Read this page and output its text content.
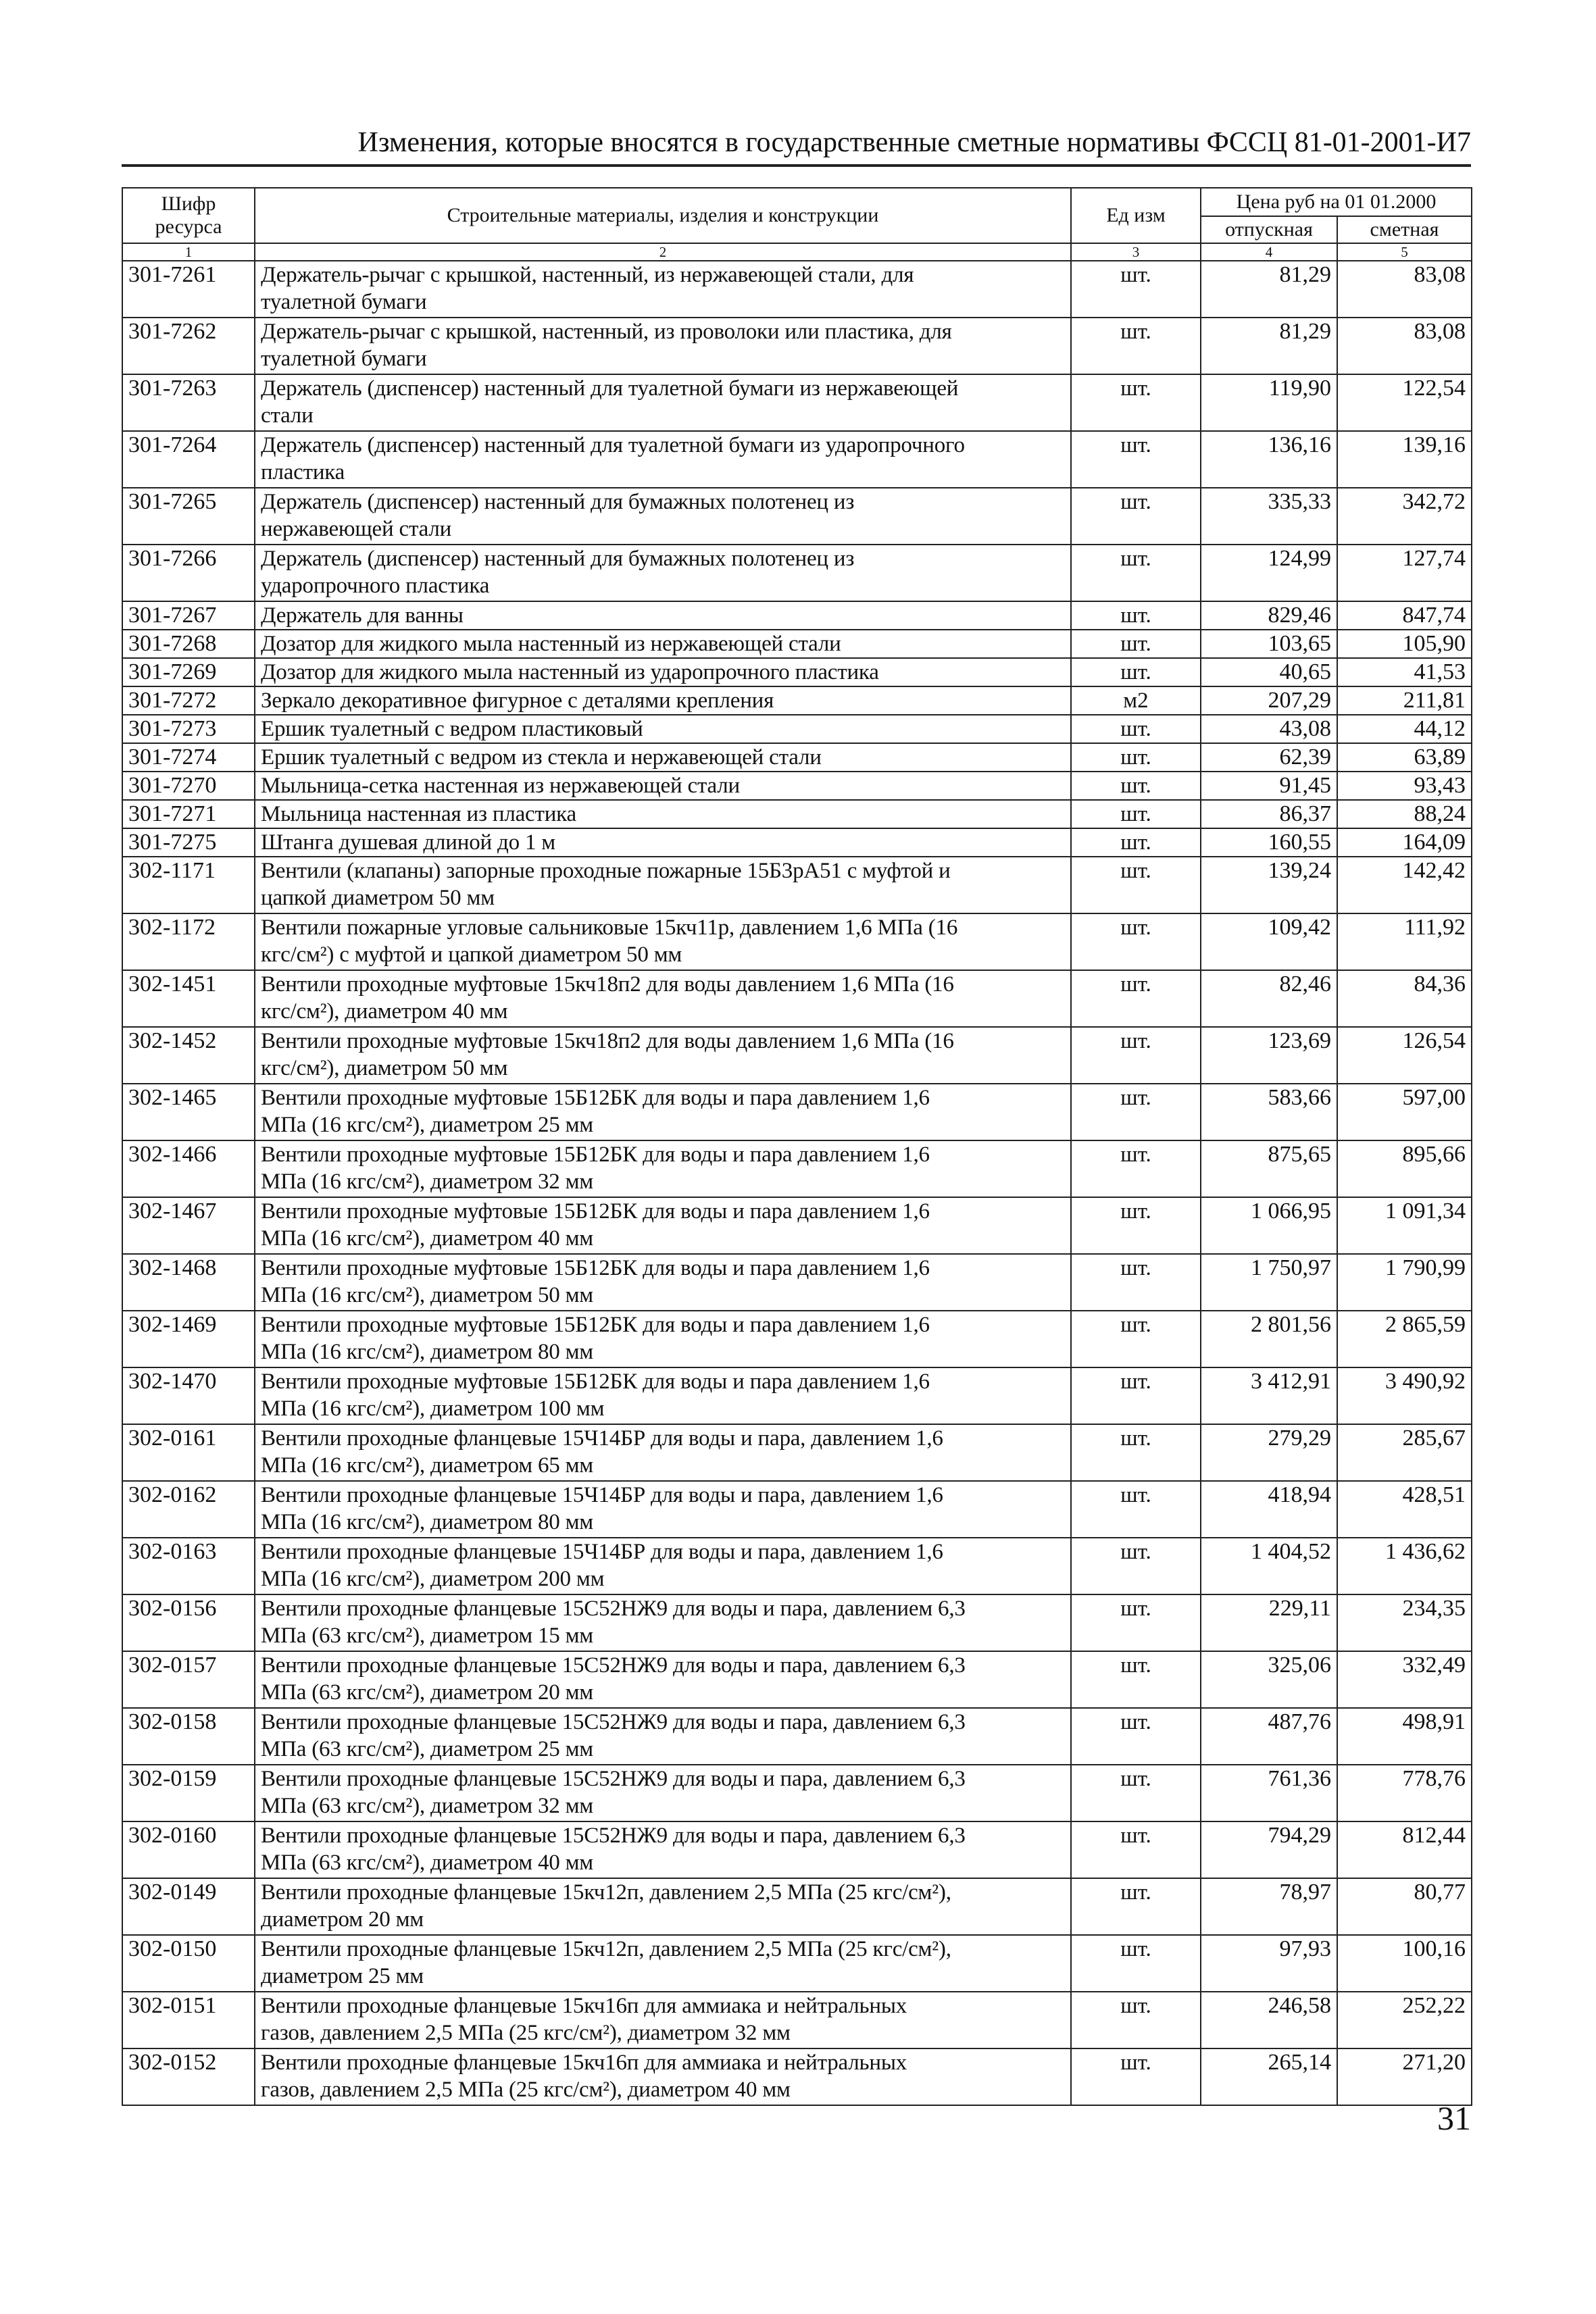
Изменения, которые вносятся в государственные сметные нормативы ФССЦ 81-01-2001-И7
Шифр ресурса	Строительные материалы, изделия и конструкции	Ед изм	Цена руб на 01 01.2000	
			отпускная	сметная
1	2	3	4	5
301-7261	Держатель-рычаг с крышкой, настенный, из нержавеющей стали, для
туалетной бумаги	шт.	81,29	83,08
301-7262	Держатель-рычаг с крышкой, настенный, из проволоки или пластика, для
туалетной бумаги	шт.	81,29	83,08
301-7263	Держатель (диспенсер) настенный для туалетной бумаги из нержавеющей
стали	шт.	119,90	122,54
301-7264	Держатель (диспенсер) настенный для туалетной бумаги из ударопрочного
пластика	шт.	136,16	139,16
301-7265	Держатель (диспенсер) настенный для бумажных полотенец из
нержавеющей стали	шт.	335,33	342,72
301-7266	Держатель (диспенсер) настенный для бумажных полотенец из
ударопрочного пластика	шт.	124,99	127,74
301-7267	Держатель для ванны	шт.	829,46	847,74
301-7268	Дозатор для жидкого мыла настенный из нержавеющей стали	шт.	103,65	105,90
301-7269	Дозатор для жидкого мыла настенный из ударопрочного пластика	шт.	40,65	41,53
301-7272	Зеркало декоративное фигурное с деталями крепления	м2	207,29	211,81
301-7273	Ершик туалетный с ведром пластиковый	шт.	43,08	44,12
301-7274	Ершик туалетный с ведром из стекла и нержавеющей стали	шт.	62,39	63,89
301-7270	Мыльница-сетка настенная из нержавеющей стали	шт.	91,45	93,43
301-7271	Мыльница настенная из пластика	шт.	86,37	88,24
301-7275	Штанга душевая длиной до 1 м	шт.	160,55	164,09
302-1171	Вентили (клапаны) запорные проходные пожарные 15Б3рА51 с муфтой и
цапкой диаметром 50 мм	шт.	139,24	142,42
302-1172	Вентили пожарные угловые сальниковые 15кч11р, давлением 1,6 МПа (16
кгс/см²) с муфтой и цапкой диаметром 50 мм	шт.	109,42	111,92
302-1451	Вентили проходные муфтовые 15кч18п2 для воды давлением 1,6 МПа (16
кгс/см²), диаметром 40 мм	шт.	82,46	84,36
302-1452	Вентили проходные муфтовые 15кч18п2 для воды давлением 1,6 МПа (16
кгс/см²), диаметром 50 мм	шт.	123,69	126,54
302-1465	Вентили проходные муфтовые 15Б12БК для воды и пара давлением 1,6
МПа (16 кгс/см²), диаметром 25 мм	шт.	583,66	597,00
302-1466	Вентили проходные муфтовые 15Б12БК для воды и пара давлением 1,6
МПа (16 кгс/см²), диаметром 32 мм	шт.	875,65	895,66
302-1467	Вентили проходные муфтовые 15Б12БК для воды и пара давлением 1,6
МПа (16 кгс/см²), диаметром 40 мм	шт.	1 066,95	1 091,34
302-1468	Вентили проходные муфтовые 15Б12БК для воды и пара давлением 1,6
МПа (16 кгс/см²), диаметром 50 мм	шт.	1 750,97	1 790,99
302-1469	Вентили проходные муфтовые 15Б12БК для воды и пара давлением 1,6
МПа (16 кгс/см²), диаметром 80 мм	шт.	2 801,56	2 865,59
302-1470	Вентили проходные муфтовые 15Б12БК для воды и пара давлением 1,6
МПа (16 кгс/см²), диаметром 100 мм	шт.	3 412,91	3 490,92
302-0161	Вентили проходные фланцевые 15Ч14БР для воды и пара, давлением 1,6
МПа (16 кгс/см²), диаметром 65 мм	шт.	279,29	285,67
302-0162	Вентили проходные фланцевые 15Ч14БР для воды и пара, давлением 1,6
МПа (16 кгс/см²), диаметром 80 мм	шт.	418,94	428,51
302-0163	Вентили проходные фланцевые 15Ч14БР для воды и пара, давлением 1,6
МПа (16 кгс/см²), диаметром 200 мм	шт.	1 404,52	1 436,62
302-0156	Вентили проходные фланцевые 15С52НЖ9 для воды и пара, давлением 6,3
МПа (63 кгс/см²), диаметром 15 мм	шт.	229,11	234,35
302-0157	Вентили проходные фланцевые 15С52НЖ9 для воды и пара, давлением 6,3
МПа (63 кгс/см²), диаметром 20 мм	шт.	325,06	332,49
302-0158	Вентили проходные фланцевые 15С52НЖ9 для воды и пара, давлением 6,3
МПа (63 кгс/см²), диаметром 25 мм	шт.	487,76	498,91
302-0159	Вентили проходные фланцевые 15С52НЖ9 для воды и пара, давлением 6,3
МПа (63 кгс/см²), диаметром 32 мм	шт.	761,36	778,76
302-0160	Вентили проходные фланцевые 15С52НЖ9 для воды и пара, давлением 6,3
МПа (63 кгс/см²), диаметром 40 мм	шт.	794,29	812,44
302-0149	Вентили проходные фланцевые 15кч12п, давлением 2,5 МПа (25 кгс/см²),
диаметром 20 мм	шт.	78,97	80,77
302-0150	Вентили проходные фланцевые 15кч12п, давлением 2,5 МПа (25 кгс/см²),
диаметром 25 мм	шт.	97,93	100,16
302-0151	Вентили проходные фланцевые 15кч16п для аммиака и нейтральных
газов, давлением 2,5 МПа (25 кгс/см²), диаметром 32 мм	шт.	246,58	252,22
302-0152	Вентили проходные фланцевые 15кч16п для аммиака и нейтральных
газов, давлением 2,5 МПа (25 кгс/см²), диаметром 40 мм	шт.	265,14	271,20
31
